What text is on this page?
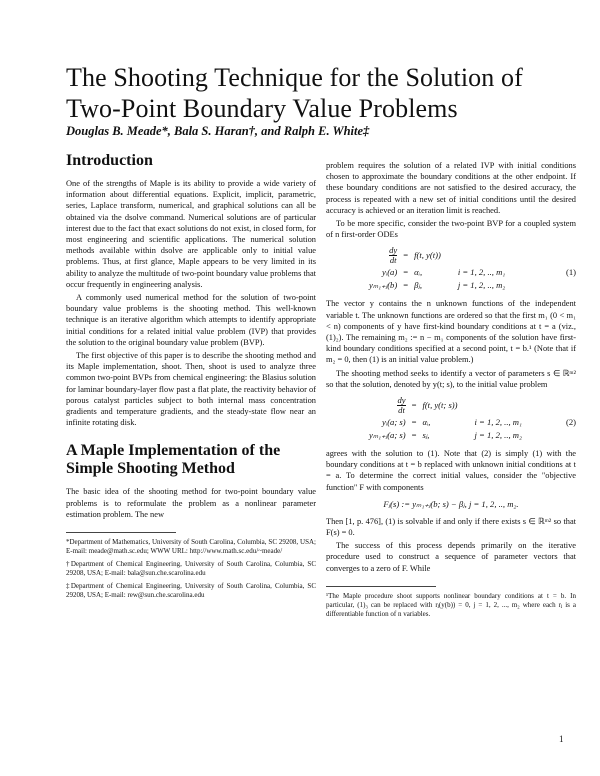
The Shooting Technique for the Solution of Two-Point Boundary Value Problems
Douglas B. Meade*, Bala S. Haran†, and Ralph E. White‡
Introduction

One of the strengths of Maple is its ability to provide a wide variety of information about differential equations. Explicit, implicit, parametric, series, Laplace transform, numerical, and graphical solutions can all be obtained via the dsolve command. Numerical solutions are of particular interest due to the fact that exact solutions do not exist, in closed form, for most engineering and scientific applications. The numerical solution methods available within dsolve are applicable only to initial value problems. Thus, at first glance, Maple appears to be very limited in its ability to analyze the multitude of two-point boundary value problems that occur frequently in engineering analysis.

A commonly used numerical method for the solution of two-point boundary value problems is the shooting method. This well-known technique is an iterative algorithm which attempts to identify appropriate initial conditions for a related initial value problem (IVP) that provides the solution to the original boundary value problem (BVP).

The first objective of this paper is to describe the shooting method and its Maple implementation, shoot. Then, shoot is used to analyze three common two-point BVPs from chemical engineering: the Blasius solution for laminar boundary-layer flow past a flat plate, the reactivity behavior of porous catalyst particles subject to both internal mass concentration gradients and temperature gradients, and the steady-state flow near an infinite rotating disk.

A Maple Implementation of the Simple Shooting Method

The basic idea of the shooting method for two-point boundary value problems is to reformulate the problem as a nonlinear parameter estimation problem. The new

*Department of Mathematics, University of South Carolina, Columbia, SC 29208, USA; E-mail: meade@math.sc.edu; WWW URL: http://www.math.sc.edu/~meade/
†Department of Chemical Engineering, University of South Carolina, Columbia, SC 29208, USA; E-mail: bala@sun.che.scarolina.edu
‡Department of Chemical Engineering, University of South Carolina, Columbia, SC 29208, USA; E-mail: rew@sun.che.scarolina.edu

problem requires the solution of a related IVP with initial conditions chosen to approximate the boundary conditions at the other endpoint. If these boundary conditions are not satisfied to the desired accuracy, the process is repeated with a new set of initial conditions until the desired accuracy is achieved or an iteration limit is reached.

To be more specific, consider the two-point BVP for a coupled system of n first-order ODEs

$\frac{dy}{dt}$	=	f(t, y(t))	
yᵢ(a)	=	αᵢ,	i = 1, 2, .., m₁
yₘ₁₊ⱼ(b)	=	βⱼ,	j = 1, 2, .., m₂
(1)

The vector y contains the n unknown functions of the independent variable t. The unknown functions are ordered so that the first m₁ (0 < m₁ < n) components of y have first-kind boundary conditions at t = a (viz., (1)₂). The remaining m₂ := n − m₁ components of the solution have first-kind boundary conditions specified at a second point, t = b.¹ (Note that if m₂ = 0, then (1) is an initial value problem.)

The shooting method seeks to identify a vector of parameters s ∈ ℝᵐ² so that the solution, denoted by y(t; s), to the initial value problem

$\frac{dy}{dt}$	=	f(t, y(t; s))	
yᵢ(a; s)	=	αᵢ,	i = 1, 2, .., m₁
yₘ₁₊ⱼ(a; s)	=	sⱼ,	j = 1, 2, .., m₂
(2)

agrees with the solution to (1). Note that (2) is simply (1) with the boundary conditions at t = b replaced with unknown initial conditions at t = a. To determine the correct initial values, consider the "objective function" F with components

Fⱼ(s) := yₘ₁₊ⱼ(b; s) − βⱼ, j = 1, 2, .., m₂.

Then [1, p. 476], (1) is solvable if and only if there exists s ∈ ℝᵐ² so that F(s) = 0.

The success of this process depends primarily on the iterative procedure used to construct a sequence of parameter vectors that converges to a zero of F. While

¹The Maple procedure shoot supports nonlinear boundary conditions at t = b. In particular, (1)₃ can be replaced with rⱼ(y(b)) = 0, j = 1, 2, ..., m₂ where each rⱼ is a differentiable function of n variables.
1
